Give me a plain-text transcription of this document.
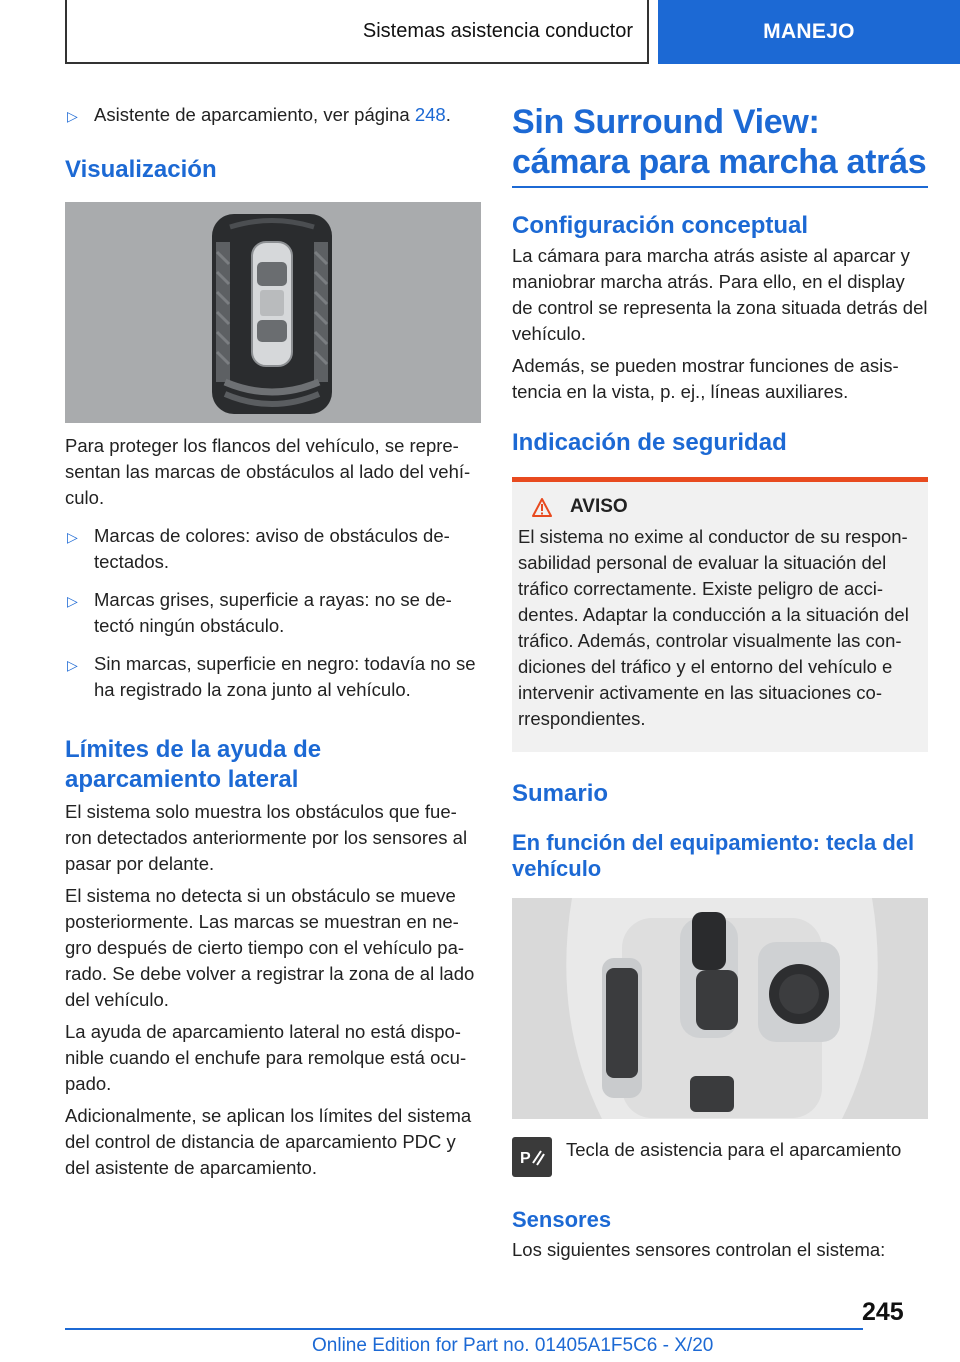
Sistemas asistencia conductor	MANEJO
▷ Asistente de aparcamiento, ver página 248.
Visualización

Para proteger los flancos del vehículo, se repre-sentan las marcas de obstáculos al lado del vehí-culo.

▷ Marcas de colores: aviso de obstáculos de-tectados.
▷ Marcas grises, superficie a rayas: no se de-tectó ningún obstáculo.
▷ Sin marcas, superficie en negro: todavía no se ha registrado la zona junto al vehículo.
Límites de la ayuda de aparcamiento lateral

El sistema solo muestra los obstáculos que fue-ron detectados anteriormente por los sensores al pasar por delante.

El sistema no detecta si un obstáculo se mueve posteriormente. Las marcas se muestran en ne-gro después de cierto tiempo con el vehículo pa-rado. Se debe volver a registrar la zona de al lado del vehículo.

La ayuda de aparcamiento lateral no está dispo-nible cuando el enchufe para remolque está ocu-pado.

Adicionalmente, se aplican los límites del sistema del control de distancia de aparcamiento PDC y del asistente de aparcamiento.

Sin Surround View: cámara para marcha atrás
Configuración conceptual

La cámara para marcha atrás asiste al aparcar y maniobrar marcha atrás. Para ello, en el display de control se representa la zona situada detrás del vehículo.

Además, se pueden mostrar funciones de asis-tencia en la vista, p. ej., líneas auxiliares.

Indicación de seguridad
AVISO

El sistema no exime al conductor de su respon-sabilidad personal de evaluar la situación del tráfico correctamente. Existe peligro de acci-dentes. Adaptar la conducción a la situación del tráfico. Además, controlar visualmente las con-diciones del tráfico y el entorno del vehículo e intervenir activamente en las situaciones co-rrespondientes.

Sumario
En función del equipamiento: tecla del vehículo
P Tecla de asistencia para el aparcamiento

Sensores

Los siguientes sensores controlan el sistema:

245
Online Edition for Part no. 01405A1F5C6 - X/20
